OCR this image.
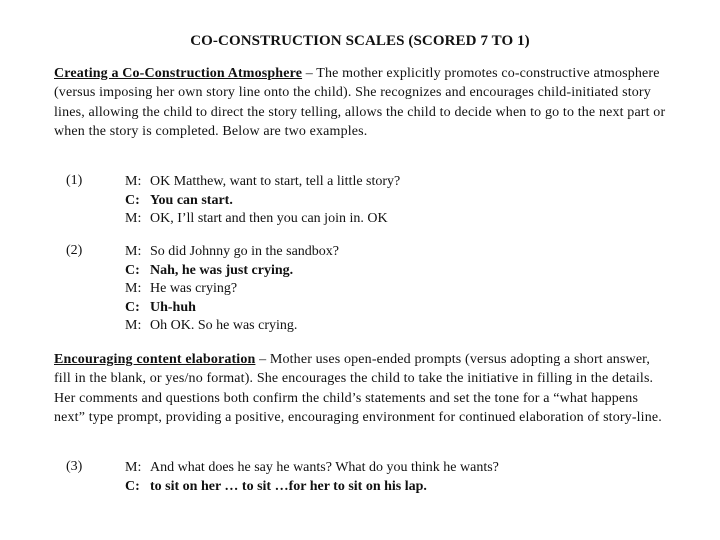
CO-CONSTRUCTION SCALES (SCORED 7 TO 1)

Creating a Co-Construction Atmosphere – The mother explicitly promotes co-constructive atmosphere (versus imposing her own story line onto the child). She recognizes and encourages child-initiated story lines, allowing the child to direct the story telling, allows the child to decide when to go to the next part or when the story is completed. Below are two examples.

(1)	M: OK Matthew, want to start, tell a little story?
C: You can start.
M: OK, I’ll start and then you can join in. OK
(2)	M: So did Johnny go in the sandbox?
C: Nah, he was just crying.
M: He was crying?
C: Uh-huh
M: Oh OK. So he was crying.

Encouraging content elaboration – Mother uses open-ended prompts (versus adopting a short answer, fill in the blank, or yes/no format). She encourages the child to take the initiative in filling in the details. Her comments and questions both confirm the child’s statements and set the tone for a “what happens next” type prompt, providing a positive, encouraging environment for continued elaboration of story-line.

(3)	M: And what does he say he wants? What do you think he wants?
C: to sit on her … to sit …for her to sit on his lap.
